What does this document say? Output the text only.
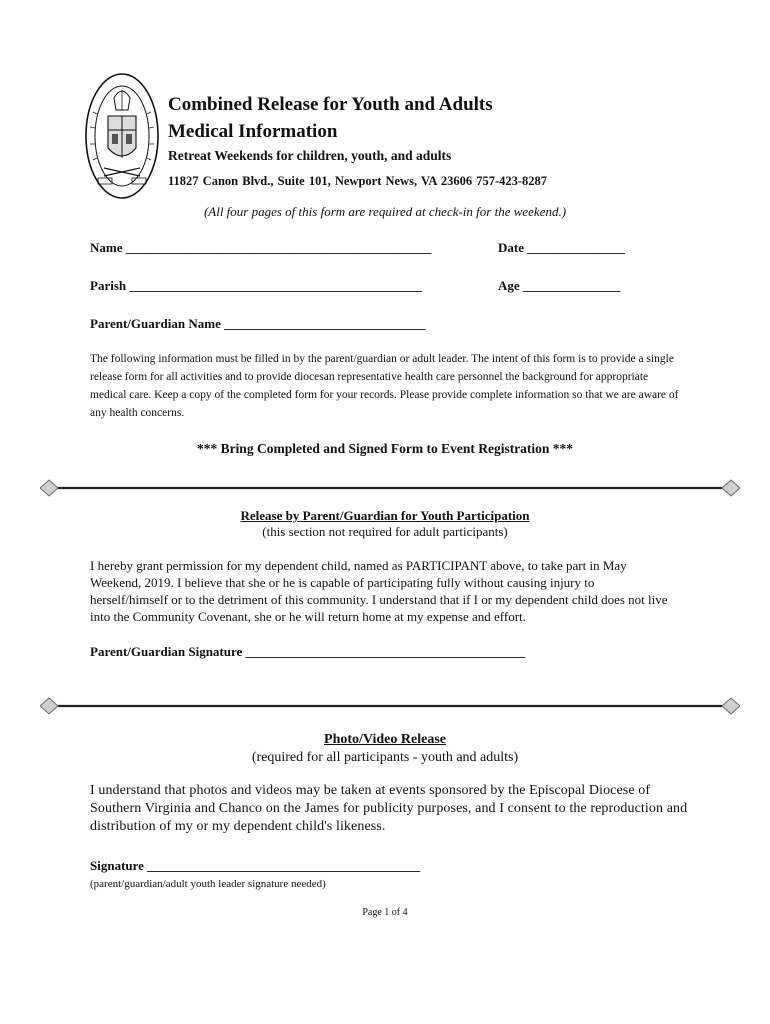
Combined Release for Youth and Adults
Medical Information
Retreat Weekends for children, youth, and adults
11827 Canon Blvd., Suite 101, Newport News, VA 23606 757-423-8287
(All four pages of this form are required at check-in for the weekend.)
Name _______________________________________________	Date _______________
Parish _____________________________________________	Age _______________
Parent/Guardian Name _______________________________
The following information must be filled in by the parent/guardian or adult leader. The intent of this form is to provide a single release form for all activities and to provide diocesan representative health care personnel the background for appropriate medical care. Keep a copy of the completed form for your records. Please provide complete information so that we are aware of any health concerns.
*** Bring Completed and Signed Form to Event Registration ***
Release by Parent/Guardian for Youth Participation
(this section not required for adult participants)
I hereby grant permission for my dependent child, named as PARTICIPANT above, to take part in May Weekend, 2019. I believe that she or he is capable of participating fully without causing injury to herself/himself or to the detriment of this community. I understand that if I or my dependent child does not live into the Community Covenant, she or he will return home at my expense and effort.
Parent/Guardian Signature ___________________________________________
Photo/Video Release
(required for all participants - youth and adults)
I understand that photos and videos may be taken at events sponsored by the Episcopal Diocese of Southern Virginia and Chanco on the James for publicity purposes, and I consent to the reproduction and distribution of my or my dependent child's likeness.
Signature __________________________________________
(parent/guardian/adult youth leader signature needed)
Page 1 of 4
